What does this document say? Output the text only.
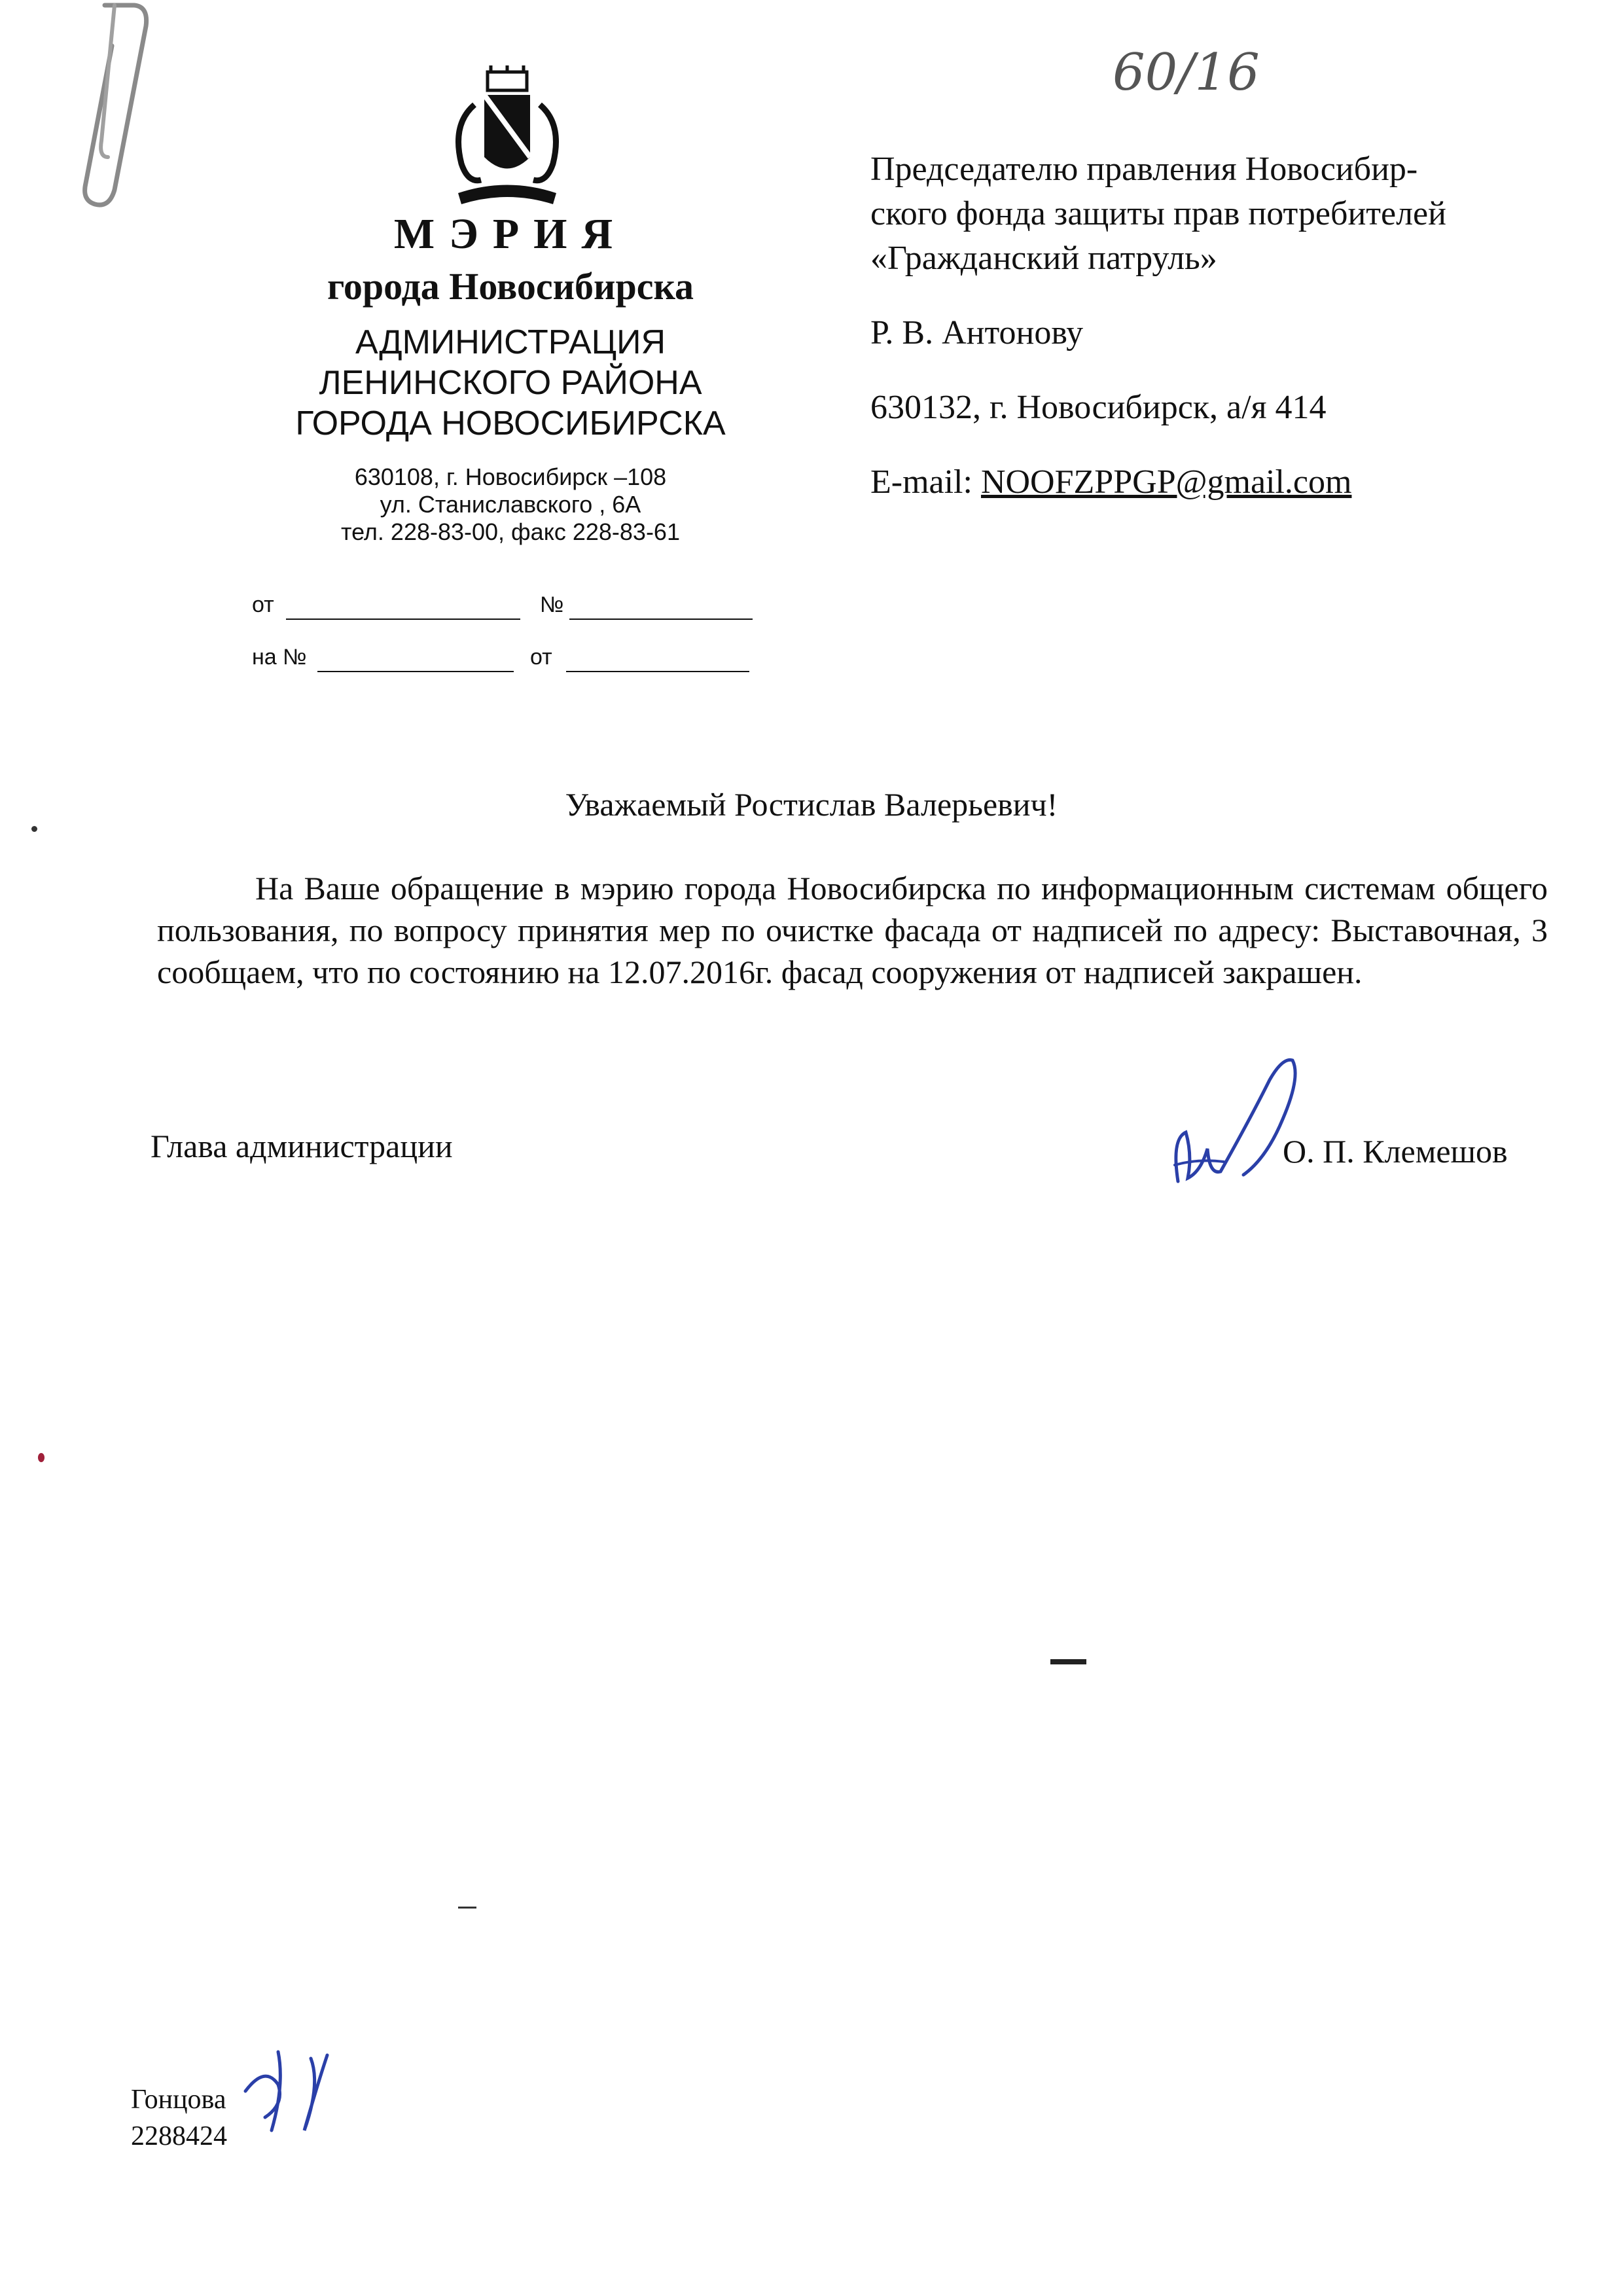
60/16
МЭРИЯ
города Новосибирска
АДМИНИСТРАЦИЯ
ЛЕНИНСКОГО РАЙОНА
ГОРОДА НОВОСИБИРСКА
630108, г. Новосибирск –108
ул. Станиславского , 6А
тел. 228-83-00, факс 228-83-61
от	№
на №	от
Председателю правления Новосибир-
ского фонда защиты прав потребителей
«Гражданский патруль»
Р. В. Антонову
630132, г. Новосибирск, а/я 414
E-mail: NOOFZPPGP@gmail.com
Уважаемый Ростислав Валерьевич!
На Ваше обращение в мэрию города Новосибирска по информационным системам общего пользования, по вопросу принятия мер по очистке фасада от надписей по адресу: Выставочная, 3 сообщаем, что по состоянию на 12.07.2016г. фасад сооружения от надписей закрашен.
Глава администрации	О. П. Клемешов
Гонцова
2288424
